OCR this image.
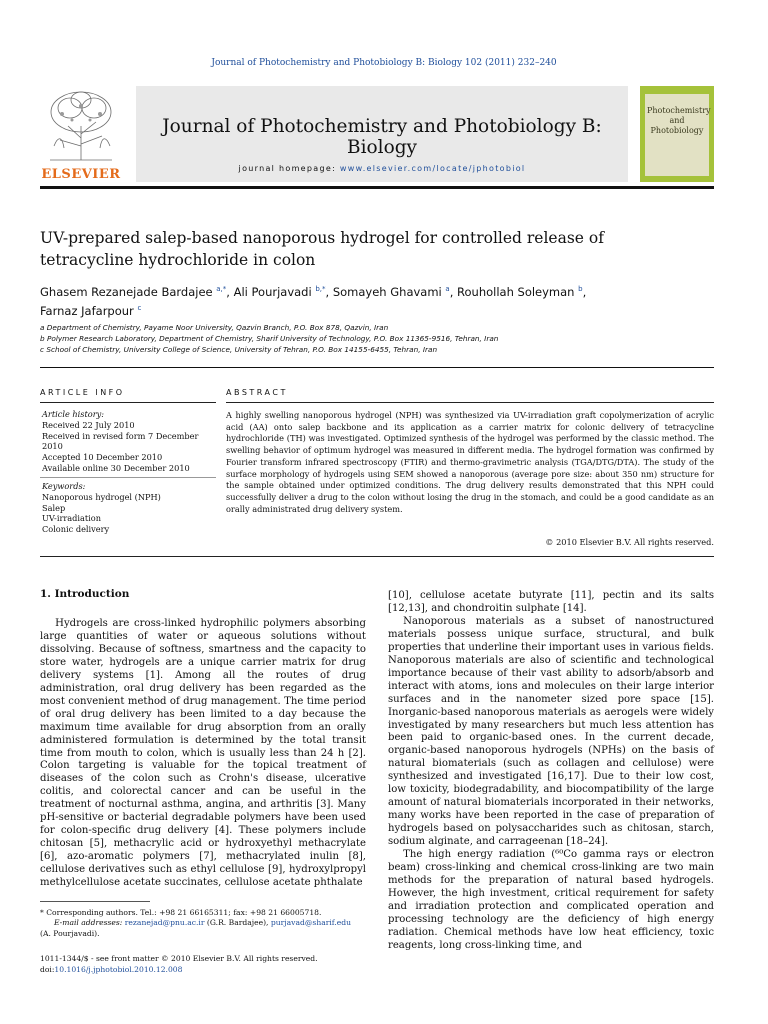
Journal of Photochemistry and Photobiology B: Biology 102 (2011) 232–240
ELSEVIER
Journal of Photochemistry and Photobiology B: Biology
journal homepage: www.elsevier.com/locate/jphotobiol
Photochemistry and Photobiology
UV-prepared salep-based nanoporous hydrogel for controlled release of tetracycline hydrochloride in colon
Ghasem Rezanejade Bardajee $^{a,*}$, Ali Pourjavadi $^{b,*}$, Somayeh Ghavami $^a$, Rouhollah Soleyman $^b$,
Farnaz Jafarpour $^c$
a Department of Chemistry, Payame Noor University, Qazvin Branch, P.O. Box 878, Qazvin, Iran
b Polymer Research Laboratory, Department of Chemistry, Sharif University of Technology, P.O. Box 11365-9516, Tehran, Iran
c School of Chemistry, University College of Science, University of Tehran, P.O. Box 14155-6455, Tehran, Iran
ARTICLE INFO	ABSTRACT
Article history:
Received 22 July 2010
Received in revised form 7 December 2010
Accepted 10 December 2010
Available online 30 December 2010
Keywords:
Nanoporous hydrogel (NPH)
Salep
UV-irradiation
Colonic delivery
A highly swelling nanoporous hydrogel (NPH) was synthesized via UV-irradiation graft copolymerization of acrylic acid (AA) onto salep backbone and its application as a carrier matrix for colonic delivery of tetracycline hydrochloride (TH) was investigated. Optimized synthesis of the hydrogel was performed by the classic method. The swelling behavior of optimum hydrogel was measured in different media. The hydrogel formation was confirmed by Fourier transform infrared spectroscopy (FTIR) and thermo-gravimetric analysis (TGA/DTG/DTA). The study of the surface morphology of hydrogels using SEM showed a nanoporous (average pore size: about 350 nm) structure for the sample obtained under optimized conditions. The drug delivery results demonstrated that this NPH could successfully deliver a drug to the colon without losing the drug in the stomach, and could be a good candidate as an orally administrated drug delivery system.
© 2010 Elsevier B.V. All rights reserved.
1. Introduction

Hydrogels are cross-linked hydrophilic polymers absorbing large quantities of water or aqueous solutions without dissolving. Because of softness, smartness and the capacity to store water, hydrogels are a unique carrier matrix for drug delivery systems [1]. Among all the routes of drug administration, oral drug delivery has been regarded as the most convenient method of drug management. The time period of oral drug delivery has been limited to a day because the maximum time available for drug absorption from an orally administered formulation is determined by the total transit time from mouth to colon, which is usually less than 24 h [2]. Colon targeting is valuable for the topical treatment of diseases of the colon such as Crohn's disease, ulcerative colitis, and colorectal cancer and can be useful in the treatment of nocturnal asthma, angina, and arthritis [3]. Many pH-sensitive or bacterial degradable polymers have been used for colon-specific drug delivery [4]. These polymers include chitosan [5], methacrylic acid or hydroxyethyl methacrylate [6], azo-aromatic polymers [7], methacrylated inulin [8], cellulose derivatives such as ethyl cellulose [9], hydroxylpropyl methylcellulose acetate succinates, cellulose acetate phthalate

[10], cellulose acetate butyrate [11], pectin and its salts [12,13], and chondroitin sulphate [14].

Nanoporous materials as a subset of nanostructured materials possess unique surface, structural, and bulk properties that underline their important uses in various fields. Nanoporous materials are also of scientific and technological importance because of their vast ability to adsorb/absorb and interact with atoms, ions and molecules on their large interior surfaces and in the nanometer sized pore space [15]. Inorganic-based nanoporous materials as aerogels were widely investigated by many researchers but much less attention has been paid to organic-based ones. In the current decade, organic-based nanoporous hydrogels (NPHs) on the basis of natural biomaterials (such as collagen and cellulose) were synthesized and investigated [16,17]. Due to their low cost, low toxicity, biodegradability, and biocompatibility of the large amount of natural biomaterials incorporated in their networks, many works have been reported in the case of preparation of hydrogels based on polysaccharides such as chitosan, starch, sodium alginate, and carrageenan [18–24].

The high energy radiation (⁶⁰Co gamma rays or electron beam) cross-linking and chemical cross-linking are two main methods for the preparation of natural based hydrogels. However, the high investment, critical requirement for safety and irradiation protection and complicated operation and processing technology are the deficiency of high energy radiation. Chemical methods have low heat efficiency, toxic reagents, long cross-linking time, and

* Corresponding authors. Tel.: +98 21 66165311; fax: +98 21 66005718.
E-mail addresses: rezanejad@pnu.ac.ir (G.R. Bardajee), purjavad@sharif.edu
(A. Pourjavadi).
1011-1344/$ - see front matter © 2010 Elsevier B.V. All rights reserved.
doi:10.1016/j.jphotobiol.2010.12.008
